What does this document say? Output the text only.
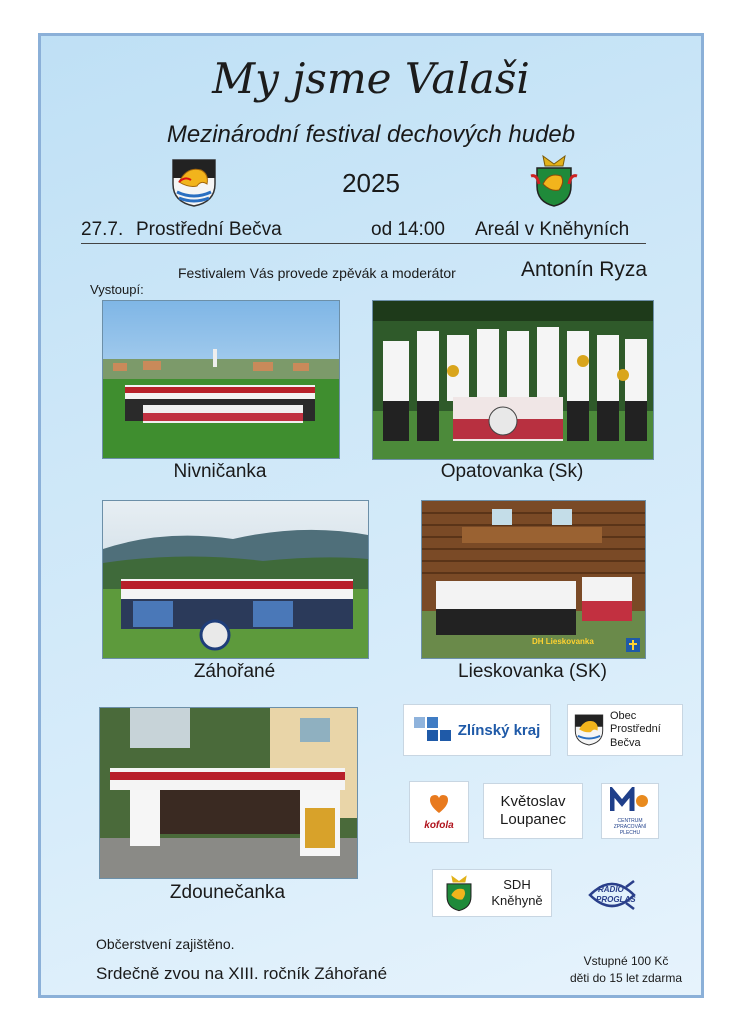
My jsme Valaši
Mezinárodní festival dechových hudeb
2025
27.7. Prostřední Bečva	od 14:00 Areál v Kněhyních
Festivalem Vás provede zpěvák a moderátor	Antonín Ryza
Vystoupí:
Nivničanka	Opatovanka (Sk)
Záhořané
DH Lieskovanka
Lieskovanka (SK)
Zdounečanka
Zlínský kraj
Obec
Prostřední
Bečva
kofola
Květoslav
Loupanec	CENTRUM ZPRACOVÁNÍ
PLECHU
SDH
Kněhyně
RADIO
PROGLAS
Občerstvení zajištěno.
Srdečně zvou na XIII. ročník Záhořané
Vstupné 100 Kč
děti do 15 let zdarma
